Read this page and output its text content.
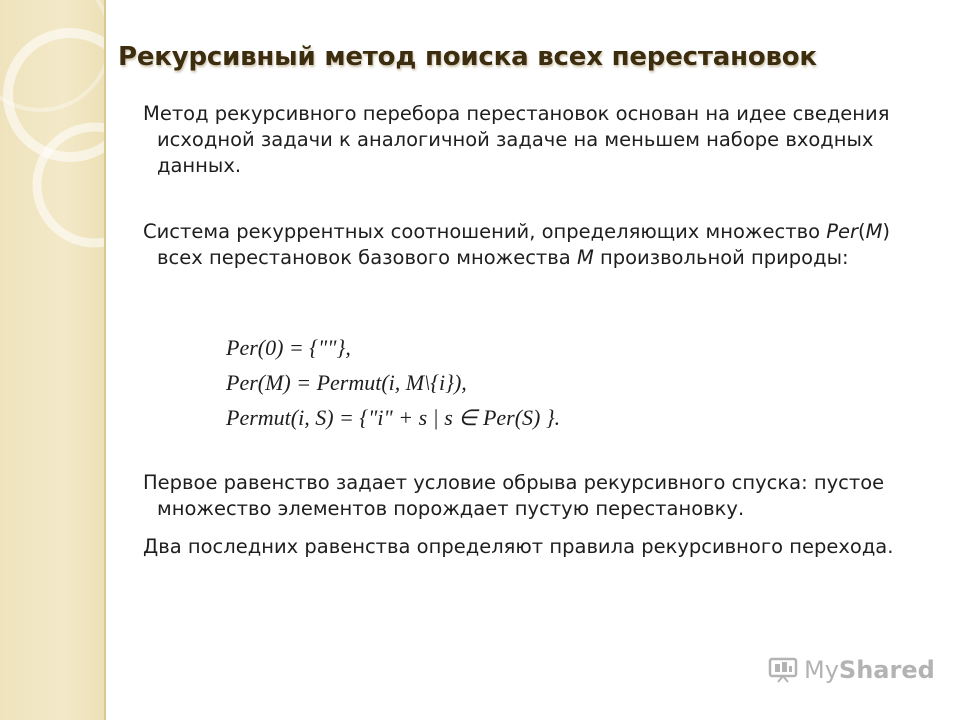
Рекурсивный метод поиска всех перестановок
Метод рекурсивного перебора перестановок основан на идее сведения исходной задачи к аналогичной задаче на меньшем наборе входных данных.
Система рекуррентных соотношений, определяющих множество Per(M) всех перестановок базового множества M произвольной природы:
Per(0) = {""},
Per(M) = Permut(i, M\{i}),
Permut(i, S) = {"i" + s | s ∈ Per(S) }.
Первое равенство задает условие обрыва рекурсивного спуска: пустое множество элементов порождает пустую перестановку.
Два последних равенства определяют правила рекурсивного перехода.
MyShared
